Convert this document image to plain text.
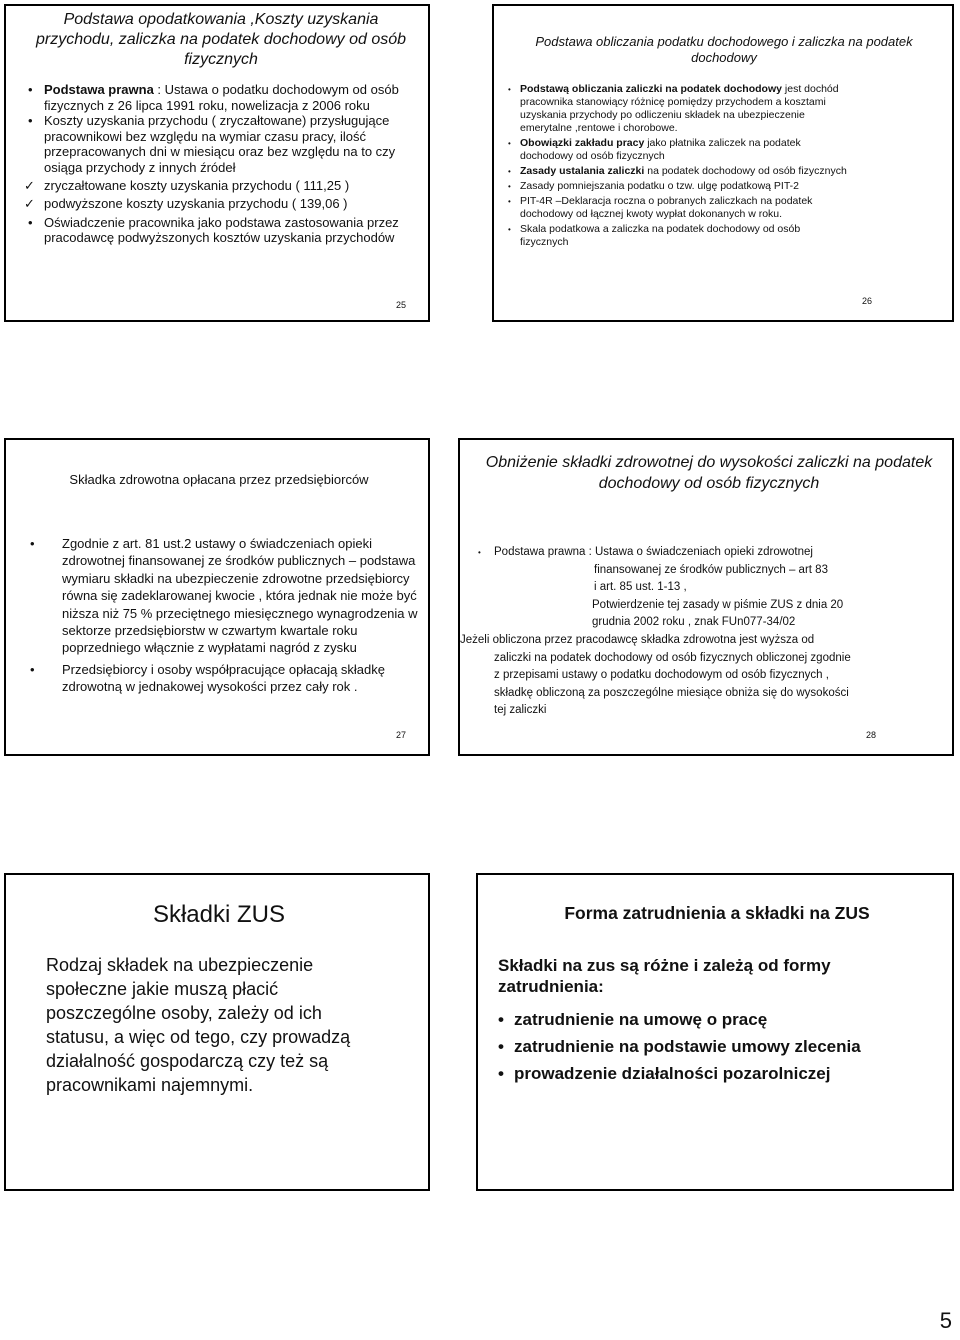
Podstawa opodatkowania ,Koszty uzyskania przychodu, zaliczka na podatek dochodowy od osób fizycznych
• Podstawa prawna : Ustawa o podatku dochodowym od osób fizycznych z 26 lipca 1991 roku, nowelizacja z 2006 roku
• Koszty uzyskania przychodu ( zryczałtowane) przysługujące pracownikowi bez względu na wymiar czasu pracy, ilość przepracowanych dni w miesiącu oraz bez względu na to czy osiąga przychody z innych źródeł
✓ zryczałtowane koszty uzyskania przychodu ( 111,25 )
✓ podwyższone koszty uzyskania przychodu ( 139,06 )
• Oświadczenie pracownika jako podstawa zastosowania przez pracodawcę podwyższonych kosztów uzyskania przychodów
25
Podstawa obliczania podatku dochodowego i zaliczka na podatek dochodowy
• Podstawą obliczania zaliczki na podatek dochodowy jest dochód pracownika stanowiący różnicę pomiędzy przychodem a kosztami uzyskania przychody po odliczeniu składek na ubezpieczenie emerytalne ,rentowe i chorobowe.
• Obowiązki zakładu pracy jako płatnika zaliczek na podatek dochodowy od osób fizycznych
• Zasady ustalania zaliczki na podatek dochodowy od osób fizycznych
• Zasady pomniejszania podatku o tzw. ulgę podatkową PIT-2
• PIT-4R –Deklaracja roczna o pobranych zaliczkach na podatek dochodowy od łącznej kwoty wypłat dokonanych w roku.
• Skala podatkowa a zaliczka na podatek dochodowy od osób fizycznych
26
Składka zdrowotna opłacana przez przedsiębiorców
• Zgodnie z art. 81 ust.2 ustawy o świadczeniach opieki zdrowotnej finansowanej ze środków publicznych – podstawa wymiaru składki na ubezpieczenie zdrowotne przedsiębiorcy równa się zadeklarowanej kwocie , która jednak nie może być niższa niż 75 % przeciętnego miesięcznego wynagrodzenia w sektorze przedsiębiorstw w czwartym kwartale roku poprzedniego włącznie z wypłatami nagród z zysku
• Przedsiębiorcy i osoby współpracujące opłacają składkę zdrowotną w jednakowej wysokości przez cały rok .
27
Obniżenie składki zdrowotnej do wysokości zaliczki na podatek dochodowy od osób fizycznych
• Podstawa prawna : Ustawa o świadczeniach opieki zdrowotnej
finansowanej ze środków publicznych – art 83
i art. 85 ust. 1-13 ,
Potwierdzenie tej zasady w piśmie ZUS z dnia 20
grudnia 2002 roku , znak FUn077-34/02
Jeżeli obliczona przez pracodawcę składka zdrowotna jest wyższa od
zaliczki na podatek dochodowy od osób fizycznych obliczonej zgodnie
z przepisami ustawy o podatku dochodowym od osób fizycznych ,
składkę obliczoną za poszczególne miesiące obniża się do wysokości
tej zaliczki
28
Składki ZUS
Rodzaj składek na ubezpieczenie społeczne jakie muszą płacić poszczególne osoby, zależy od ich statusu, a więc od tego, czy prowadzą działalność gospodarczą czy też są pracownikami najemnymi.
Forma zatrudnienia a składki na ZUS
Składki na zus są różne i zależą od formy zatrudnienia:
• zatrudnienie na umowę o pracę
• zatrudnienie na podstawie umowy zlecenia
• prowadzenie działalności pozarolniczej
5
